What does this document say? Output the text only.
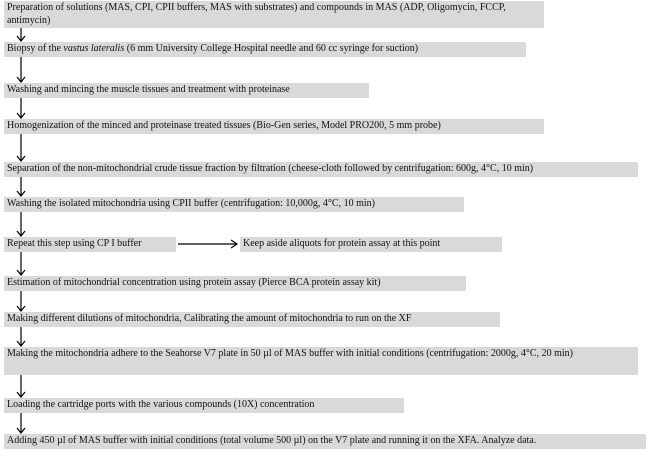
Preparation of solutions (MAS, CPI, CPII buffers, MAS with substrates) and compounds in MAS (ADP, Oligomycin, FCCP, antimycin)
Biopsy of the vastus lateralis (6 mm University College Hospital needle and 60 cc syringe for suction)
Washing and mincing the muscle tissues and treatment with proteinase
Homogenization of the minced and proteinase treated tissues (Bio-Gen series, Model PRO200, 5 mm probe)
Separation of the non-mitochondrial crude tissue fraction by filtration (cheese-cloth followed by centrifugation: 600g, 4°C, 10 min)
Washing the isolated mitochondria using CPII buffer (centrifugation: 10,000g, 4°C, 10 min)
Repeat this step using CP I buffer	Keep aside aliquots for protein assay at this point
Estimation of mitochondrial concentration using protein assay (Pierce BCA protein assay kit)
Making different dilutions of mitochondria, Calibrating the amount of mitochondria to run on the XF
Making the mitochondria adhere to the Seahorse V7 plate in 50 µl of MAS buffer with initial conditions (centrifugation: 2000g, 4°C, 20 min)
Loading the cartridge ports with the various compounds (10X) concentration
Adding 450 µl of MAS buffer with initial conditions (total volume 500 µl) on the V7 plate and running it on the XFA. Analyze data.
